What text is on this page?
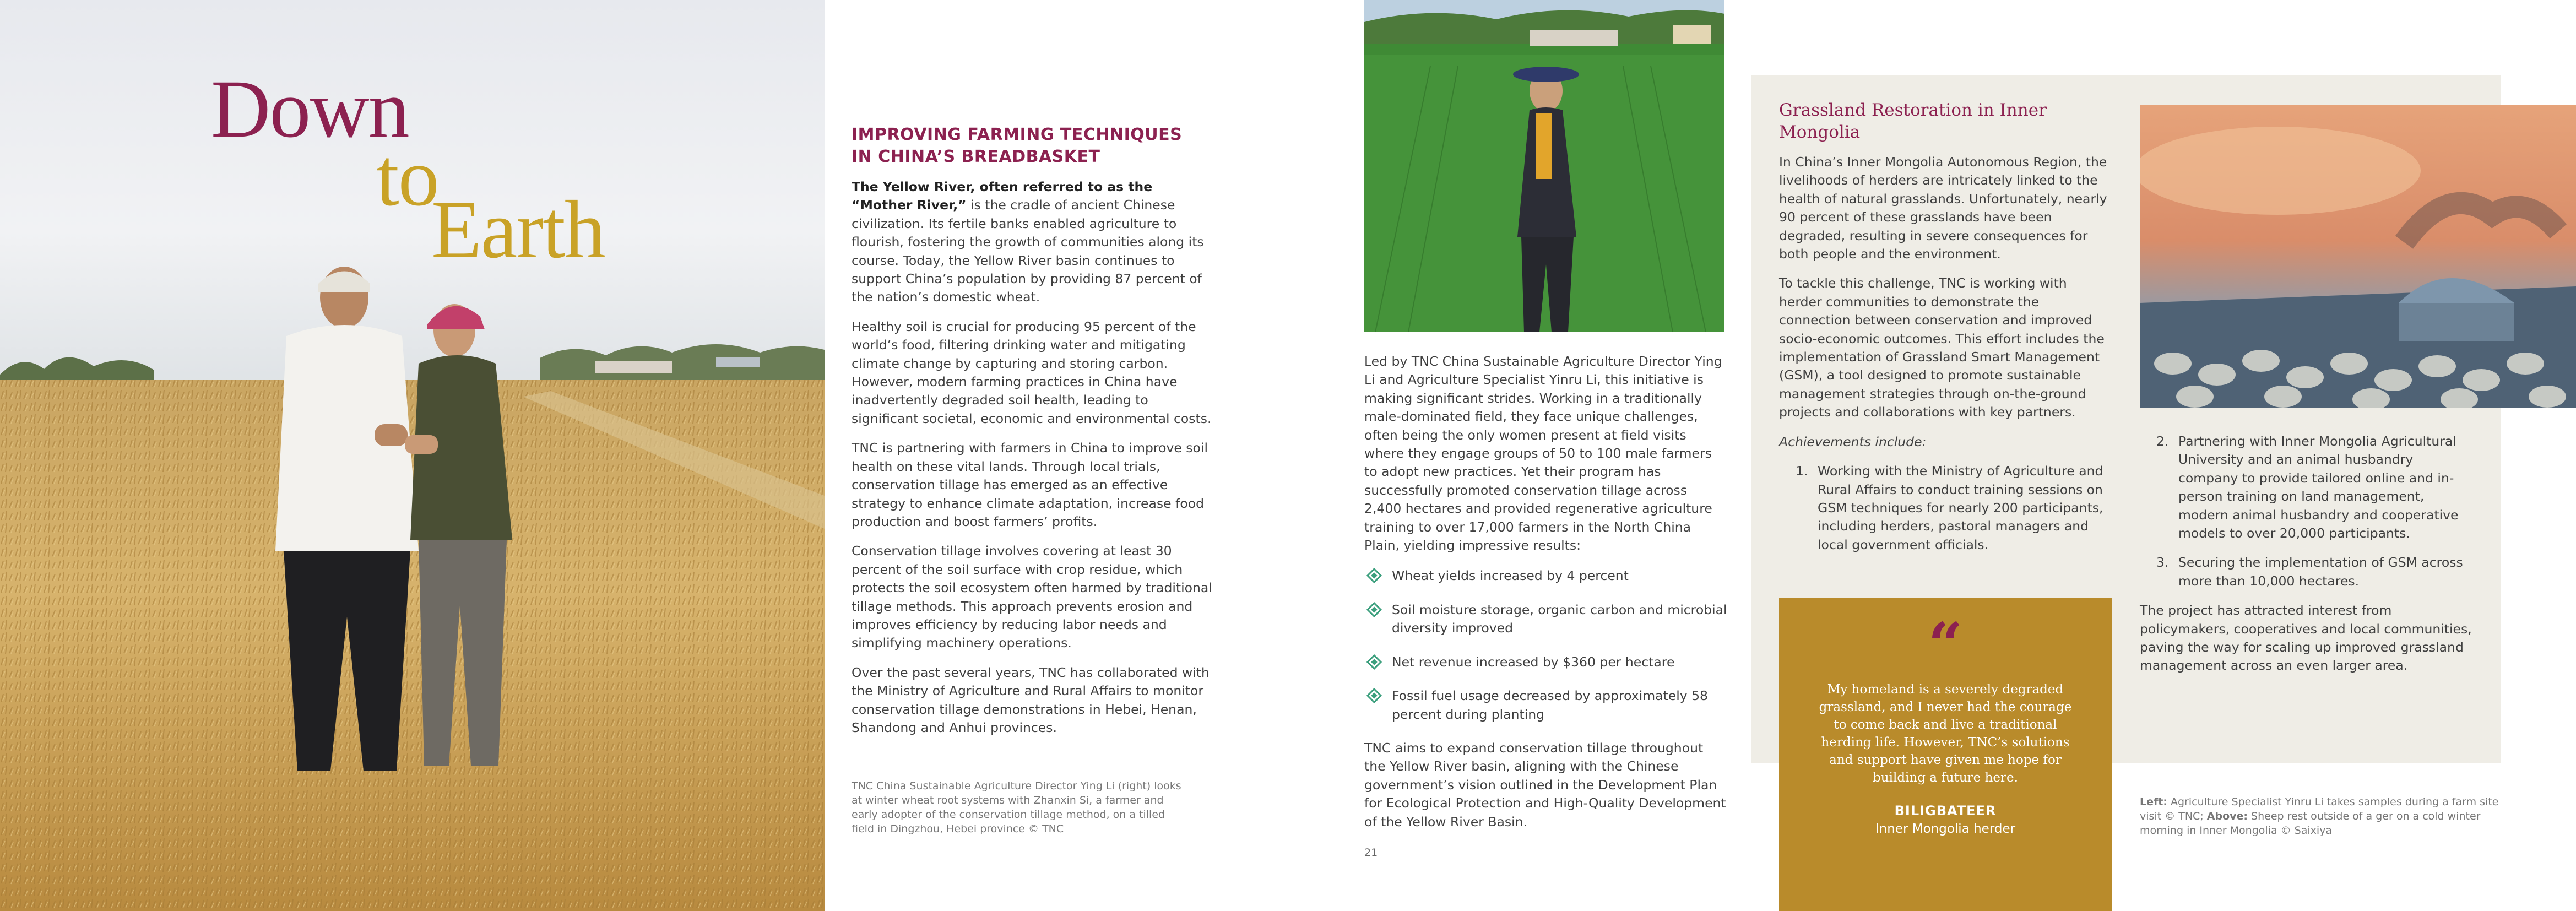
Down
to
Earth
IMPROVING FARMING TECHNIQUES
IN CHINA’S BREADBASKET

The Yellow River, often referred to as the “Mother River,” is the cradle of ancient Chinese civilization. Its fertile banks enabled agriculture to flourish, fostering the growth of communities along its course. Today, the Yellow River basin continues to support China’s population by providing 87 percent of the nation’s domestic wheat.

Healthy soil is crucial for producing 95 percent of the world’s food, filtering drinking water and mitigating climate change by capturing and storing carbon. However, modern farming practices in China have inadvertently degraded soil health, leading to significant societal, economic and environmental costs.

TNC is partnering with farmers in China to improve soil health on these vital lands. Through local trials, conservation tillage has emerged as an effective strategy to enhance climate adaptation, increase food production and boost farmers’ profits.

Conservation tillage involves covering at least 30 percent of the soil surface with crop residue, which protects the soil ecosystem often harmed by traditional tillage methods. This approach prevents erosion and improves efficiency by reducing labor needs and simplifying machinery operations.

Over the past several years, TNC has collaborated with the Ministry of Agriculture and Rural Affairs to monitor conservation tillage demonstrations in Hebei, Henan, Shandong and Anhui provinces.

TNC China Sustainable Agriculture Director Ying Li (right) looks at winter wheat root systems with Zhanxin Si, a farmer and early adopter of the conservation tillage method, on a tilled field in Dingzhou, Hebei province © TNC

Led by TNC China Sustainable Agriculture Director Ying Li and Agriculture Specialist Yinru Li, this initiative is making significant strides. Working in a traditionally male-dominated field, they face unique challenges, often being the only women present at field visits where they engage groups of 50 to 100 male farmers to adopt new practices. Yet their program has successfully promoted conservation tillage across 2,400 hectares and provided regenerative agriculture training to over 17,000 farmers in the North China Plain, yielding impressive results:

Wheat yields increased by 4 percent
Soil moisture storage, organic carbon and microbial diversity improved
Net revenue increased by $360 per hectare
Fossil fuel usage decreased by approximately 58 percent during planting

TNC aims to expand conservation tillage throughout the Yellow River basin, aligning with the Chinese government’s vision outlined in the Development Plan for Ecological Protection and High-Quality Development of the Yellow River Basin.

21
Grassland Restoration in Inner Mongolia

In China’s Inner Mongolia Autonomous Region, the livelihoods of herders are intricately linked to the health of natural grasslands. Unfortunately, nearly 90 percent of these grasslands have been degraded, resulting in severe consequences for both people and the environment.

To tackle this challenge, TNC is working with herder communities to demonstrate the connection between conservation and improved socio-economic outcomes. This effort includes the implementation of Grassland Smart Management (GSM), a tool designed to promote sustainable management strategies through on-the-ground projects and collaborations with key partners.

Achievements include:

1. Working with the Ministry of Agriculture and Rural Affairs to conduct training sessions on GSM techniques for nearly 200 participants, including herders, pastoral managers and local government officials.
2. Partnering with Inner Mongolia Agricultural University and an animal husbandry company to provide tailored online and in-person training on land management, modern animal husbandry and cooperative models to over 20,000 participants.
3. Securing the implementation of GSM across more than 10,000 hectares.

The project has attracted interest from policymakers, cooperatives and local communities, paving the way for scaling up improved grassland management across an even larger area.

Left: Agriculture Specialist Yinru Li takes samples during a farm site visit © TNC; Above: Sheep rest outside of a ger on a cold winter morning in Inner Mongolia © Saixiya
“
My homeland is a severely degraded grassland, and I never had the courage to come back and live a traditional herding life. However, TNC’s solutions and support have given me hope for building a future here.
BILIGBATEER
Inner Mongolia herder
